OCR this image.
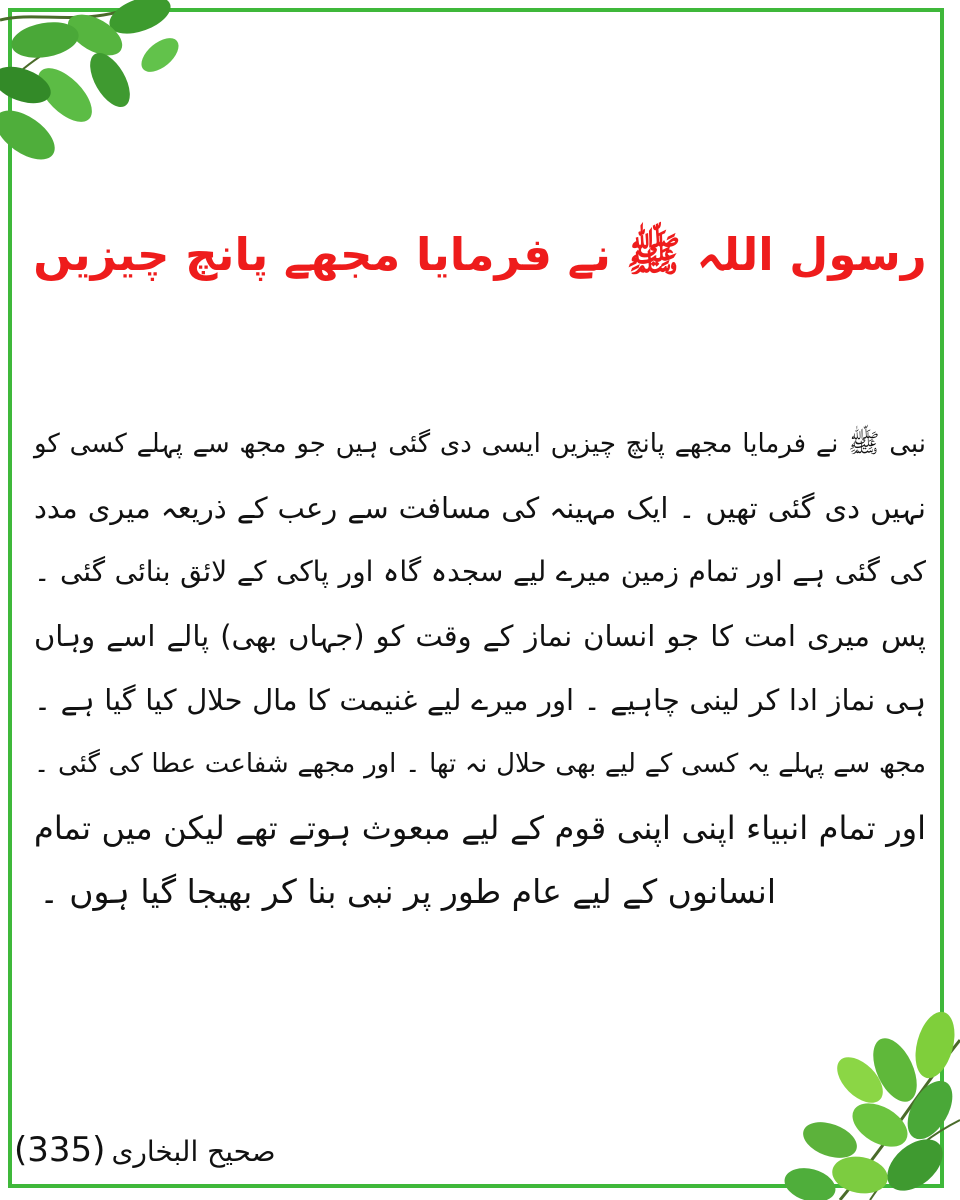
رسول اللہ ﷺ نے فرمایا مجھے پانچ چیزیں
نبی ﷺ نے فرمایا مجھے پانچ چیزیں ایسی دی گئی ہیں جو مجھ سے پہلے کسی کو
نہیں دی گئی تھیں ۔ ایک مہینہ کی مسافت سے رعب کے ذریعہ میری مدد
کی گئی ہے اور تمام زمین میرے لیے سجدہ گاہ اور پاکی کے لائق بنائی گئی ۔
پس میری امت کا جو انسان نماز کے وقت کو (جہاں بھی) پالے اسے وہاں
ہی نماز ادا کر لینی چاہیے ۔ اور میرے لیے غنیمت کا مال حلال کیا گیا ہے ۔
مجھ سے پہلے یہ کسی کے لیے بھی حلال نہ تھا ۔ اور مجھے شفاعت عطا کی گئی ۔
اور تمام انبیاء اپنی اپنی قوم کے لیے مبعوث ہوتے تھے لیکن میں تمام
انسانوں کے لیے عام طور پر نبی بنا کر بھیجا گیا ہوں ۔
(335) صحیح البخاری
